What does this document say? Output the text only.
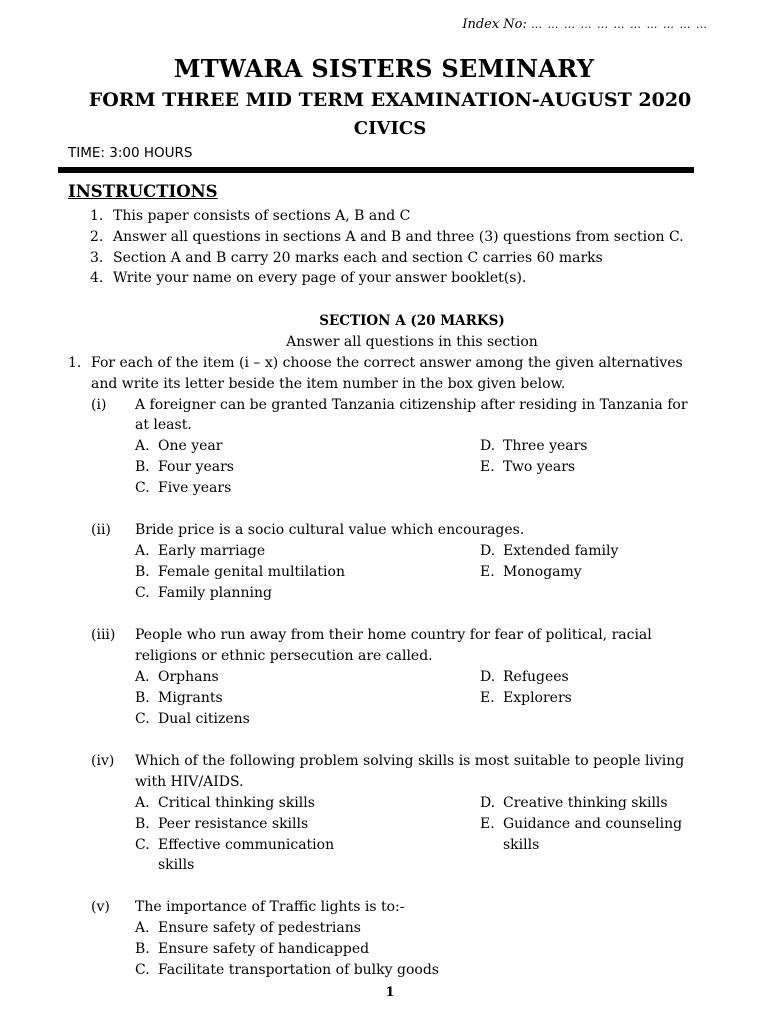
Index No: … … … … … … … … … … …
MTWARA SISTERS SEMINARY
FORM THREE MID TERM EXAMINATION-AUGUST 2020
CIVICS
TIME: 3:00 HOURS
INSTRUCTIONS
1. This paper consists of sections A, B and C
2. Answer all questions in sections A and B and three (3) questions from section C.
3. Section A and B carry 20 marks each and section C carries 60 marks
4. Write your name on every page of your answer booklet(s).
SECTION A (20 MARKS)
Answer all questions in this section
1. For each of the item (i – x) choose the correct answer among the given alternatives
and write its letter beside the item number in the box given below.
(i) A foreigner can be granted Tanzania citizenship after residing in Tanzania for
at least.
A. One year	D. Three years
B. Four years	E. Two years
C. Five years
(ii) Bride price is a socio cultural value which encourages.
A. Early marriage	D. Extended family
B. Female genital multilation	E. Monogamy
C. Family planning
(iii) People who run away from their home country for fear of political, racial
religions or ethnic persecution are called.
A. Orphans	D. Refugees
B. Migrants	E. Explorers
C. Dual citizens
(iv) Which of the following problem solving skills is most suitable to people living
with HIV/AIDS.
A. Critical thinking skills	D. Creative thinking skills
B. Peer resistance skills	E. Guidance and counseling
C. Effective communication	skills
skills
(v) The importance of Traffic lights is to:-
A. Ensure safety of pedestrians
B. Ensure safety of handicapped
C. Facilitate transportation of bulky goods
1
